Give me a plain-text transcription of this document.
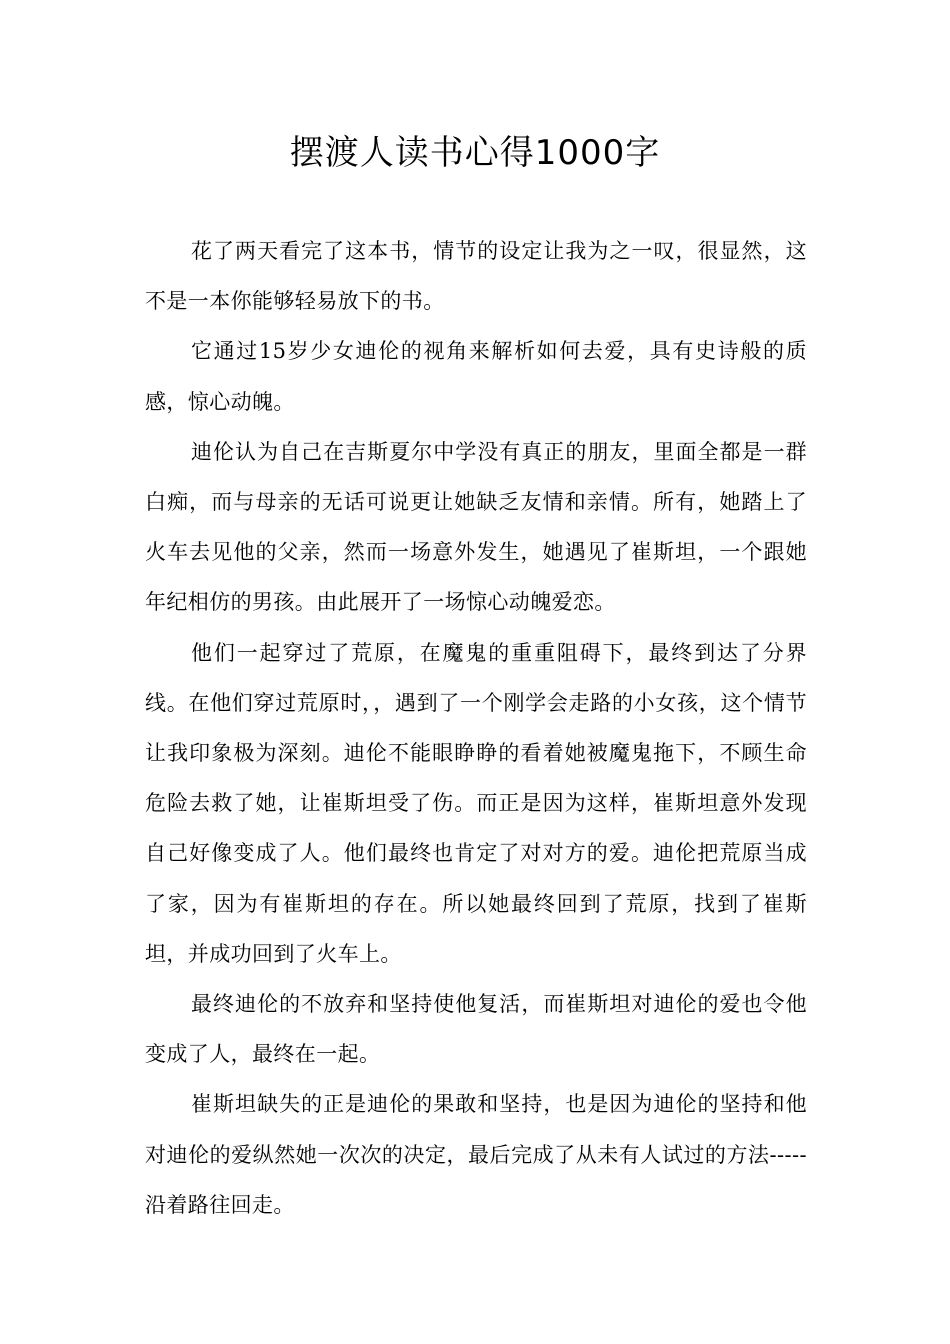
摆渡人读书心得1000字

花了两天看完了这本书，情节的设定让我为之一叹，很显然，这不是一本你能够轻易放下的书。

它通过15岁少女迪伦的视角来解析如何去爱，具有史诗般的质感，惊心动魄。

迪伦认为自己在吉斯夏尔中学没有真正的朋友，里面全都是一群白痴，而与母亲的无话可说更让她缺乏友情和亲情。所有，她踏上了火车去见他的父亲，然而一场意外发生，她遇见了崔斯坦，一个跟她年纪相仿的男孩。由此展开了一场惊心动魄爱恋。

他们一起穿过了荒原，在魔鬼的重重阻碍下，最终到达了分界线。在他们穿过荒原时，，遇到了一个刚学会走路的小女孩，这个情节让我印象极为深刻。迪伦不能眼睁睁的看着她被魔鬼拖下，不顾生命危险去救了她，让崔斯坦受了伤。而正是因为这样，崔斯坦意外发现自己好像变成了人。他们最终也肯定了对对方的爱。迪伦把荒原当成了家，因为有崔斯坦的存在。所以她最终回到了荒原，找到了崔斯坦，并成功回到了火车上。

最终迪伦的不放弃和坚持使他复活，而崔斯坦对迪伦的爱也令他变成了人，最终在一起。

崔斯坦缺失的正是迪伦的果敢和坚持，也是因为迪伦的坚持和他对迪伦的爱纵然她一次次的决定，最后完成了从未有人试过的方法-----沿着路往回走。
